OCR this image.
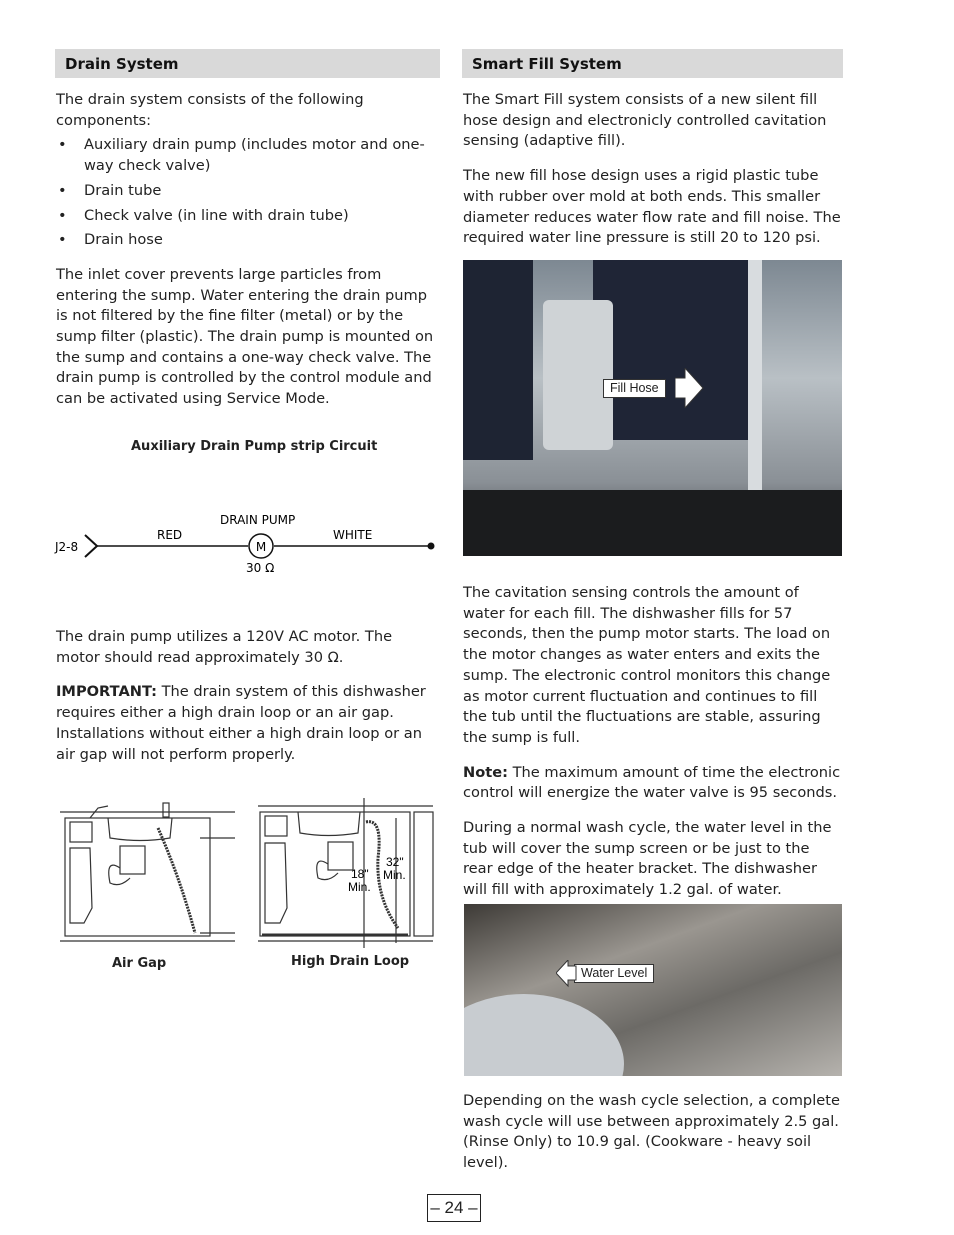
Drain System

The drain system consists of the following components:

• Auxiliary drain pump (includes motor and one-way check valve)
• Drain tube
• Check valve (in line with drain tube)
• Drain hose

The inlet cover prevents large particles from entering the sump. Water entering the drain pump is not filtered by the fine filter (metal) or by the sump filter (plastic). The drain pump is mounted on the sump and contains a one-way check valve. The drain pump is controlled by the control module and can be activated using Service Mode.

Auxiliary Drain Pump strip Circuit
J2-8	M
RED
DRAIN PUMP
WHITE
30 Ω

The drain pump utilizes a 120V AC motor. The motor should read approximately 30 Ω.

IMPORTANT: The drain system of this dishwasher requires either a high drain loop or an air gap. Installations without either a high drain loop or an air gap will not perform properly.

18"
Min.
32"
Min.
Air Gap	High Drain Loop
Smart Fill System

The Smart Fill system consists of a new silent fill hose design and electronicly controlled cavitation sensing (adaptive fill).

The new fill hose design uses a rigid plastic tube with rubber over mold at both ends. This smaller diameter reduces water flow rate and fill noise. The required water line pressure is still 20 to 120 psi.

Fill Hose

The cavitation sensing controls the amount of water for each fill. The dishwasher fills for 57 seconds, then the pump motor starts. The load on the motor changes as water enters and exits the sump. The electronic control monitors this change as motor current fluctuation and continues to fill the tub until the fluctuations are stable, assuring the sump is full.

Note: The maximum amount of time the electronic control will energize the water valve is 95 seconds.

During a normal wash cycle, the water level in the tub will cover the sump screen or be just to the rear edge of the heater bracket. The dishwasher will fill with approximately 1.2 gal. of water.

Water Level

Depending on the wash cycle selection, a complete wash cycle will use between approximately 2.5 gal. (Rinse Only) to 10.9 gal. (Cookware - heavy soil level).

– 24 –
